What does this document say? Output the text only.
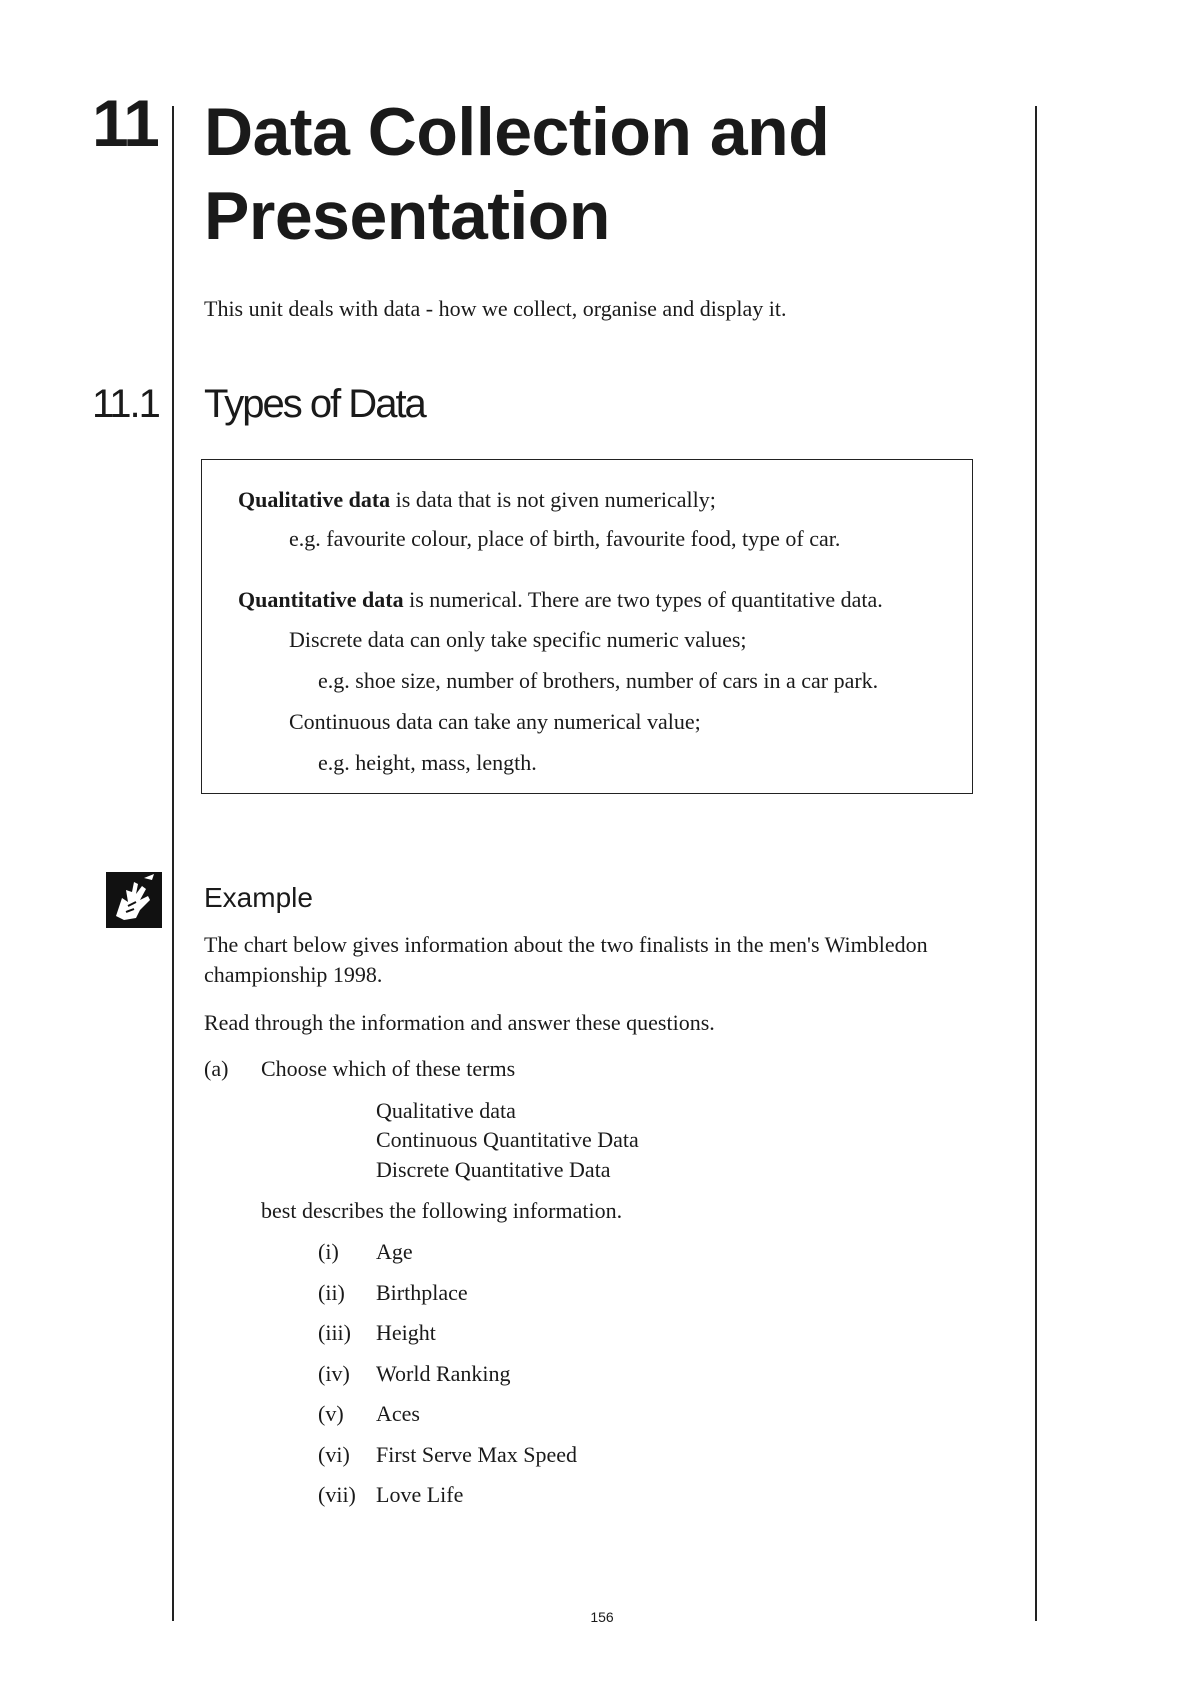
11 Data Collection and Presentation
This unit deals with data - how we collect, organise and display it.
11.1 Types of Data
Qualitative data is data that is not given numerically;
e.g. favourite colour, place of birth, favourite food, type of car.
Quantitative data is numerical. There are two types of quantitative data.
Discrete data can only take specific numeric values;
e.g. shoe size, number of brothers, number of cars in a car park.
Continuous data can take any numerical value;
e.g. height, mass, length.
Example
The chart below gives information about the two finalists in the men's Wimbledon championship 1998.
Read through the information and answer these questions.
(a) Choose which of these terms
Qualitative data
Continuous Quantitative Data
Discrete Quantitative Data
best describes the following information.
(i) Age
(ii) Birthplace
(iii) Height
(iv) World Ranking
(v) Aces
(vi) First Serve Max Speed
(vii) Love Life
156
